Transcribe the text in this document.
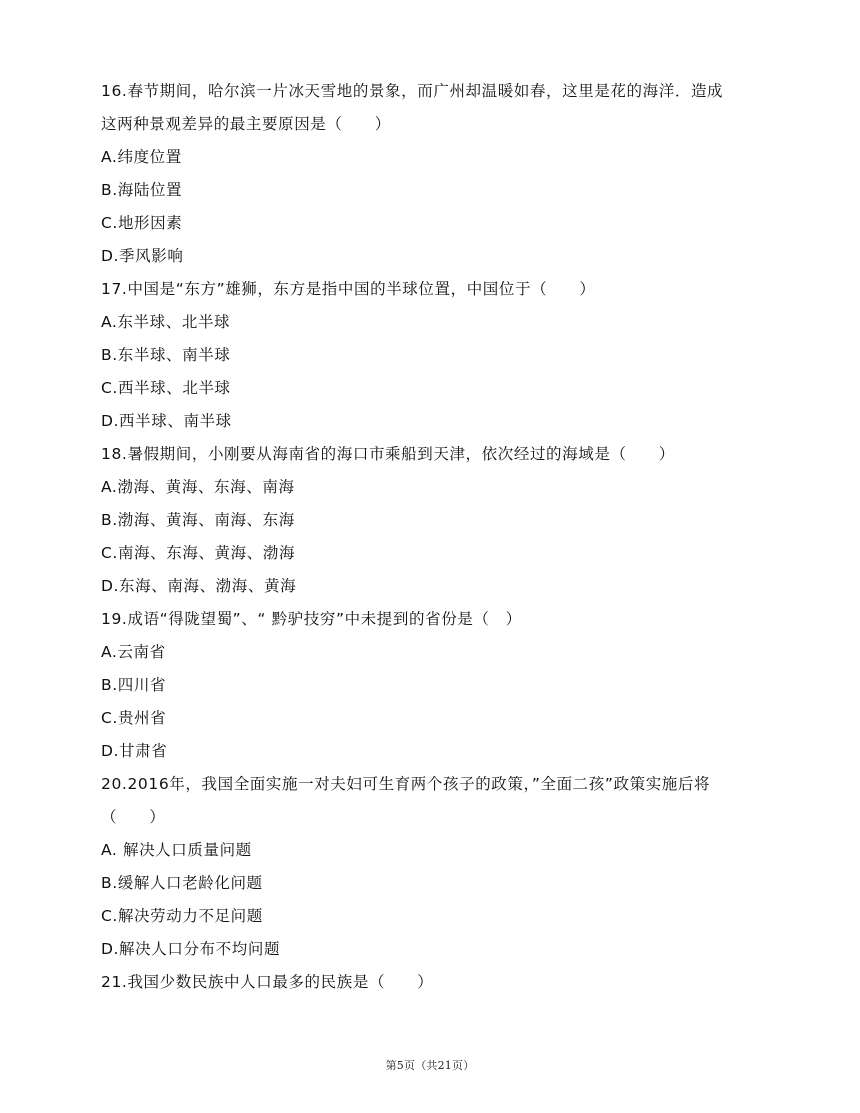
16.春节期间，哈尔滨一片冰天雪地的景象，而广州却温暖如春，这里是花的海洋．造成
这两种景观差异的最主要原因是（　　）
A.纬度位置
B.海陆位置
C.地形因素
D.季风影响
17.中国是“东方”雄狮，东方是指中国的半球位置，中国位于（　　）
A.东半球、北半球
B.东半球、南半球
C.西半球、北半球
D.西半球、南半球
18.暑假期间，小刚要从海南省的海口市乘船到天津，依次经过的海域是（　　）
A.渤海、黄海、东海、南海
B.渤海、黄海、南海、东海
C.南海、东海、黄海、渤海
D.东海、南海、渤海、黄海
19.成语“得陇望蜀”、“ 黔驴技穷”中未提到的省份是（　）
A.云南省
B.四川省
C.贵州省
D.甘肃省
20.2016年，我国全面实施一对夫妇可生育两个孩子的政策，”全面二孩”政策实施后将
（　　）
A. 解决人口质量问题
B.缓解人口老龄化问题
C.解决劳动力不足问题
D.解决人口分布不均问题
21.我国少数民族中人口最多的民族是（　　）
第5页（共21页）
